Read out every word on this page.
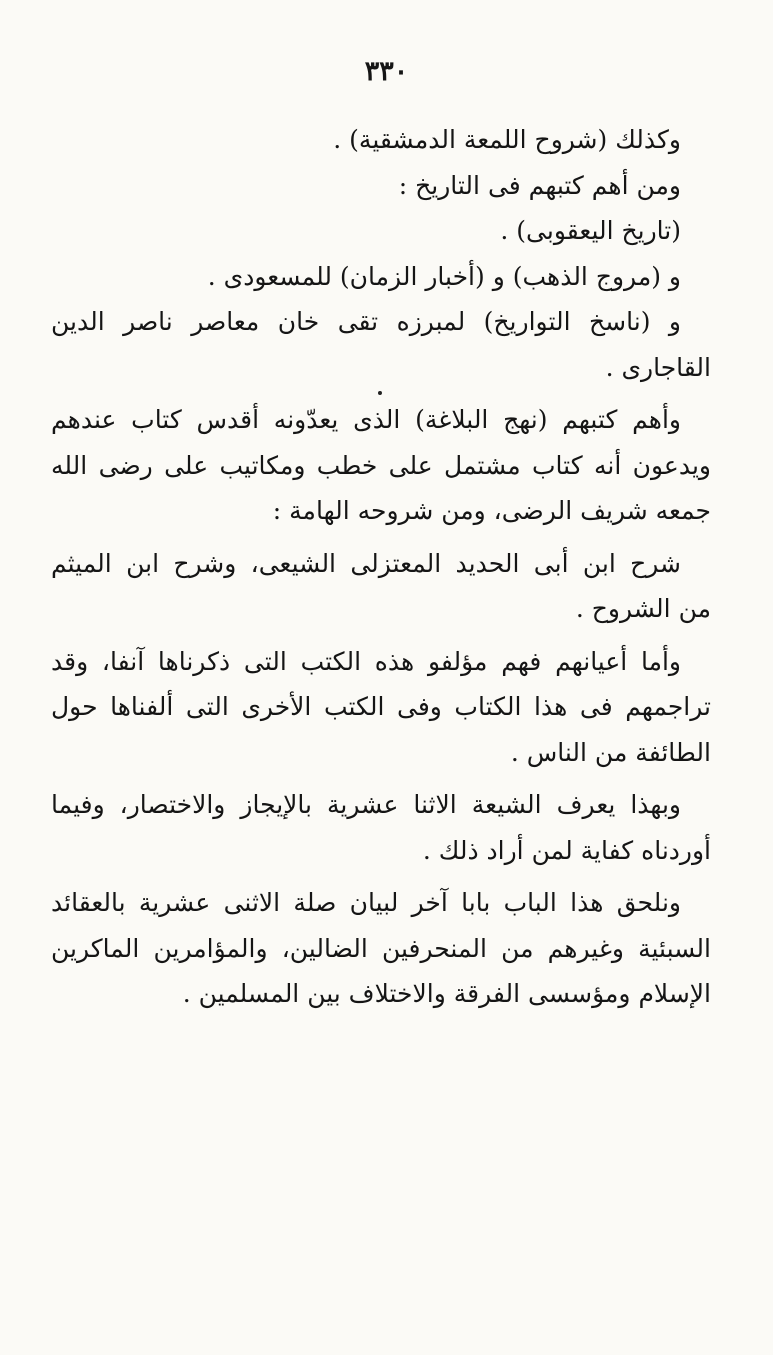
٣٣٠
وكذلك (شروح اللمعة الدمشقية) .
ومن أهم كتبهم فى التاريخ :
(تاريخ اليعقوبى) .
و (مروج الذهب) و (أخبار الزمان) للمسعودى .
و (ناسخ التواريخ) لمبرزه تقى خان معاصر ناصر الدين
القاجارى .
وأهم كتبهم (نهج البلاغة) الذى يعدّونه أقدس كتاب عندهم
ويدعون أنه كتاب مشتمل على خطب ومكاتيب على رضى الله
جمعه شريف الرضى، ومن شروحه الهامة :
شرح ابن أبى الحديد المعتزلى الشيعى، وشرح ابن الميثم
من الشروح .
وأما أعيانهم فهم مؤلفو هذه الكتب التى ذكرناها آنفا، وقد
تراجمهم فى هذا الكتاب وفى الكتب الأخرى التى ألفناها حول
الطائفة من الناس .
وبهذا يعرف الشيعة الاثنا عشرية بالإيجاز والاختصار، وفيما
أوردناه كفاية لمن أراد ذلك .
ونلحق هذا الباب بابا آخر لبيان صلة الاثنى عشرية بالعقائد
السبئية وغيرهم من المنحرفين الضالين، والمؤامرين الماكرين
الإسلام ومؤسسى الفرقة والاختلاف بين المسلمين .
